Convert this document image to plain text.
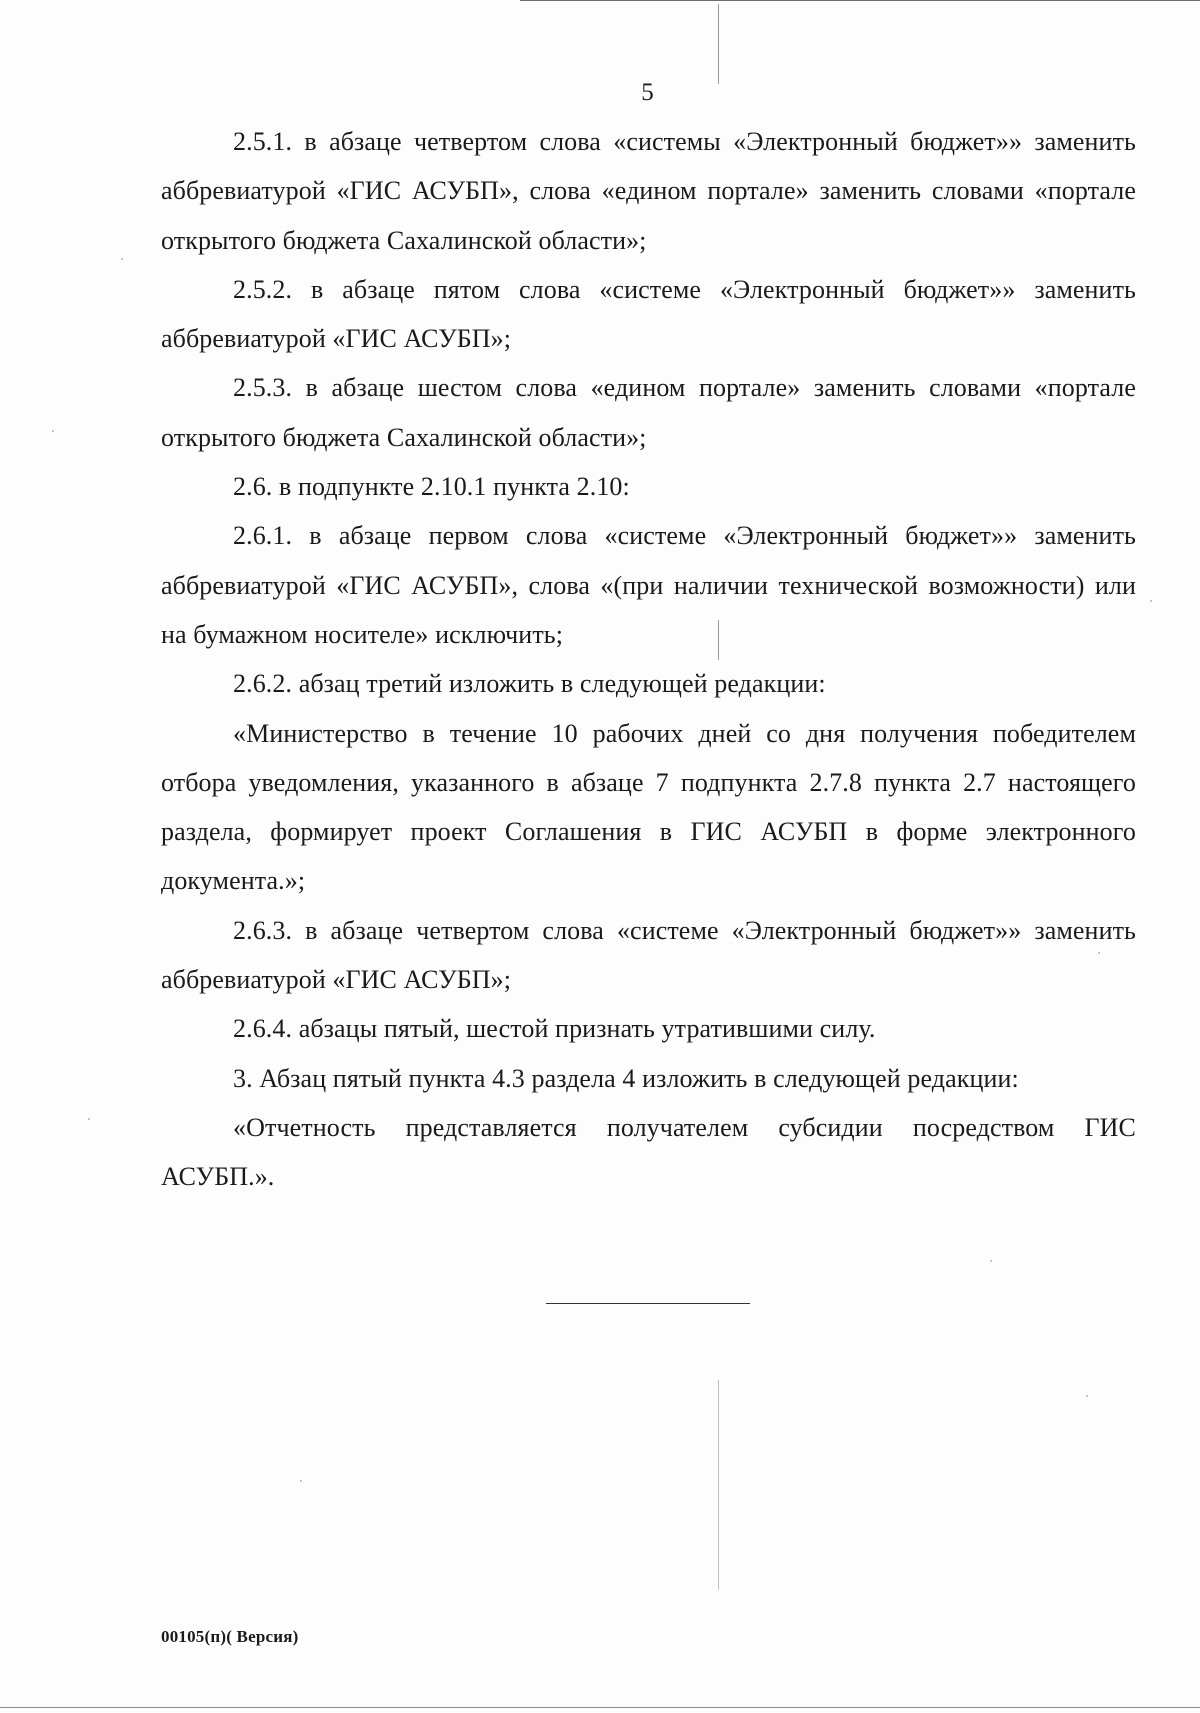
5

2.5.1. в абзаце четвертом слова «системы «Электронный бюджет»» заменить аббревиатурой «ГИС АСУБП», слова «едином портале» заменить словами «портале открытого бюджета Сахалинской области»;

2.5.2. в абзаце пятом слова «системе «Электронный бюджет»» заменить аббревиатурой «ГИС АСУБП»;

2.5.3. в абзаце шестом слова «едином портале» заменить словами «портале открытого бюджета Сахалинской области»;

2.6. в подпункте 2.10.1 пункта 2.10:

2.6.1. в абзаце первом слова «системе «Электронный бюджет»» заменить аббревиатурой «ГИС АСУБП», слова «(при наличии технической возможности) или на бумажном носителе» исключить;

2.6.2. абзац третий изложить в следующей редакции:

«Министерство в течение 10 рабочих дней со дня получения победителем отбора уведомления, указанного в абзаце 7 подпункта 2.7.8 пункта 2.7 настоящего раздела, формирует проект Соглашения в ГИС АСУБП в форме электронного документа.»;

2.6.3. в абзаце четвертом слова «системе «Электронный бюджет»» заменить аббревиатурой «ГИС АСУБП»;

2.6.4. абзацы пятый, шестой признать утратившими силу.

3. Абзац пятый пункта 4.3 раздела 4 изложить в следующей редакции:

«Отчетность представляется получателем субсидии посредством ГИС АСУБП.».

00105(п)( Версия)
